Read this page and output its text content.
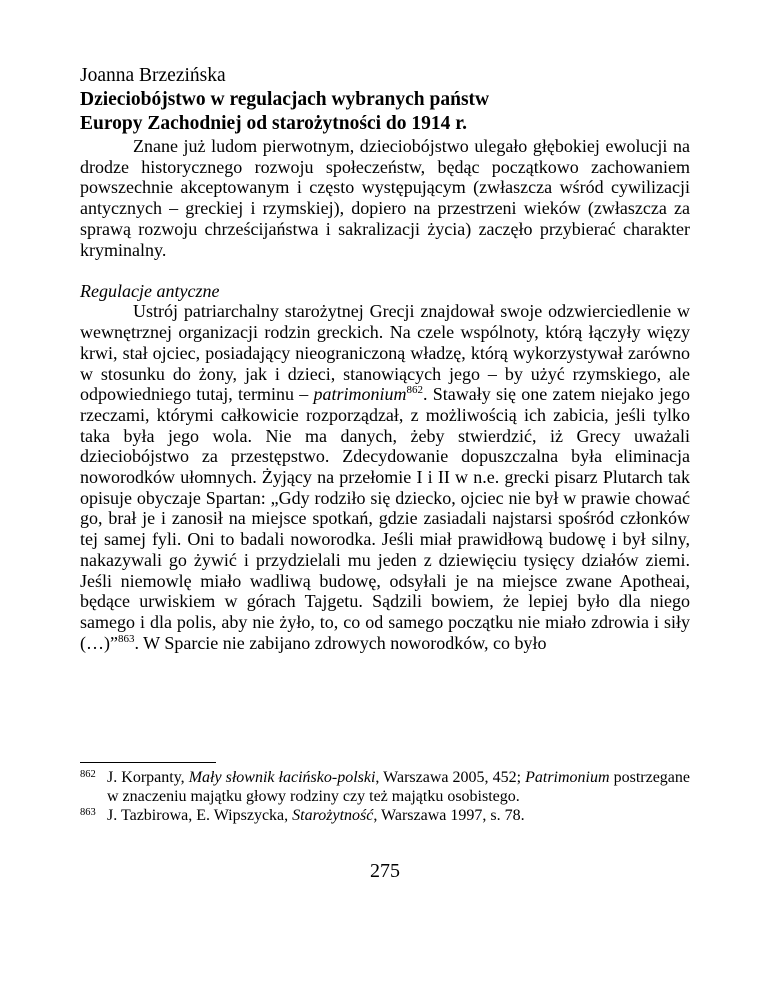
Joanna Brzezińska
Dzieciobójstwo w regulacjach wybranych państw
Europy Zachodniej od starożytności do 1914 r.

Znane już ludom pierwotnym, dzieciobójstwo ulegało głębokiej ewolucji na drodze historycznego rozwoju społeczeństw, będąc początkowo zachowaniem powszechnie akceptowanym i często występującym (zwłaszcza wśród cywilizacji antycznych – greckiej i rzymskiej), dopiero na przestrzeni wieków (zwłaszcza za sprawą rozwoju chrześcijaństwa i sakralizacji życia) zaczęło przybierać charakter kryminalny.

Regulacje antyczne

Ustrój patriarchalny starożytnej Grecji znajdował swoje odzwierciedlenie w wewnętrznej organizacji rodzin greckich. Na czele wspólnoty, którą łączyły więzy krwi, stał ojciec, posiadający nieograniczoną władzę, którą wykorzystywał zarówno w stosunku do żony, jak i dzieci, stanowiących jego – by użyć rzymskiego, ale odpowiedniego tutaj, terminu – patrimonium$^{862}$. Stawały się one zatem niejako jego rzeczami, którymi całkowicie rozporządzał, z możliwością ich zabicia, jeśli tylko taka była jego wola. Nie ma danych, żeby stwierdzić, iż Grecy uważali dzieciobójstwo za przestępstwo. Zdecydowanie dopuszczalna była eliminacja noworodków ułomnych. Żyjący na przełomie I i II w n.e. grecki pisarz Plutarch tak opisuje obyczaje Spartan: „Gdy rodziło się dziecko, ojciec nie był w prawie chować go, brał je i zanosił na miejsce spotkań, gdzie zasiadali najstarsi spośród członków tej samej fyli. Oni to badali noworodka. Jeśli miał prawidłową budowę i był silny, nakazywali go żywić i przydzielali mu jeden z dziewięciu tysięcy działów ziemi. Jeśli niemowlę miało wadliwą budowę, odsyłali je na miejsce zwane Apotheai, będące urwiskiem w górach Tajgetu. Sądzili bowiem, że lepiej było dla niego samego i dla polis, aby nie żyło, to, co od samego początku nie miało zdrowia i siły (…)”$^{863}$. W Sparcie nie zabijano zdrowych noworodków, co było

862 J. Korpanty, Mały słownik łacińsko-polski, Warszawa 2005, 452; Patrimonium postrzegane w znaczeniu majątku głowy rodziny czy też majątku osobistego.
863 J. Tazbirowa, E. Wipszycka, Starożytność, Warszawa 1997, s. 78.
275
